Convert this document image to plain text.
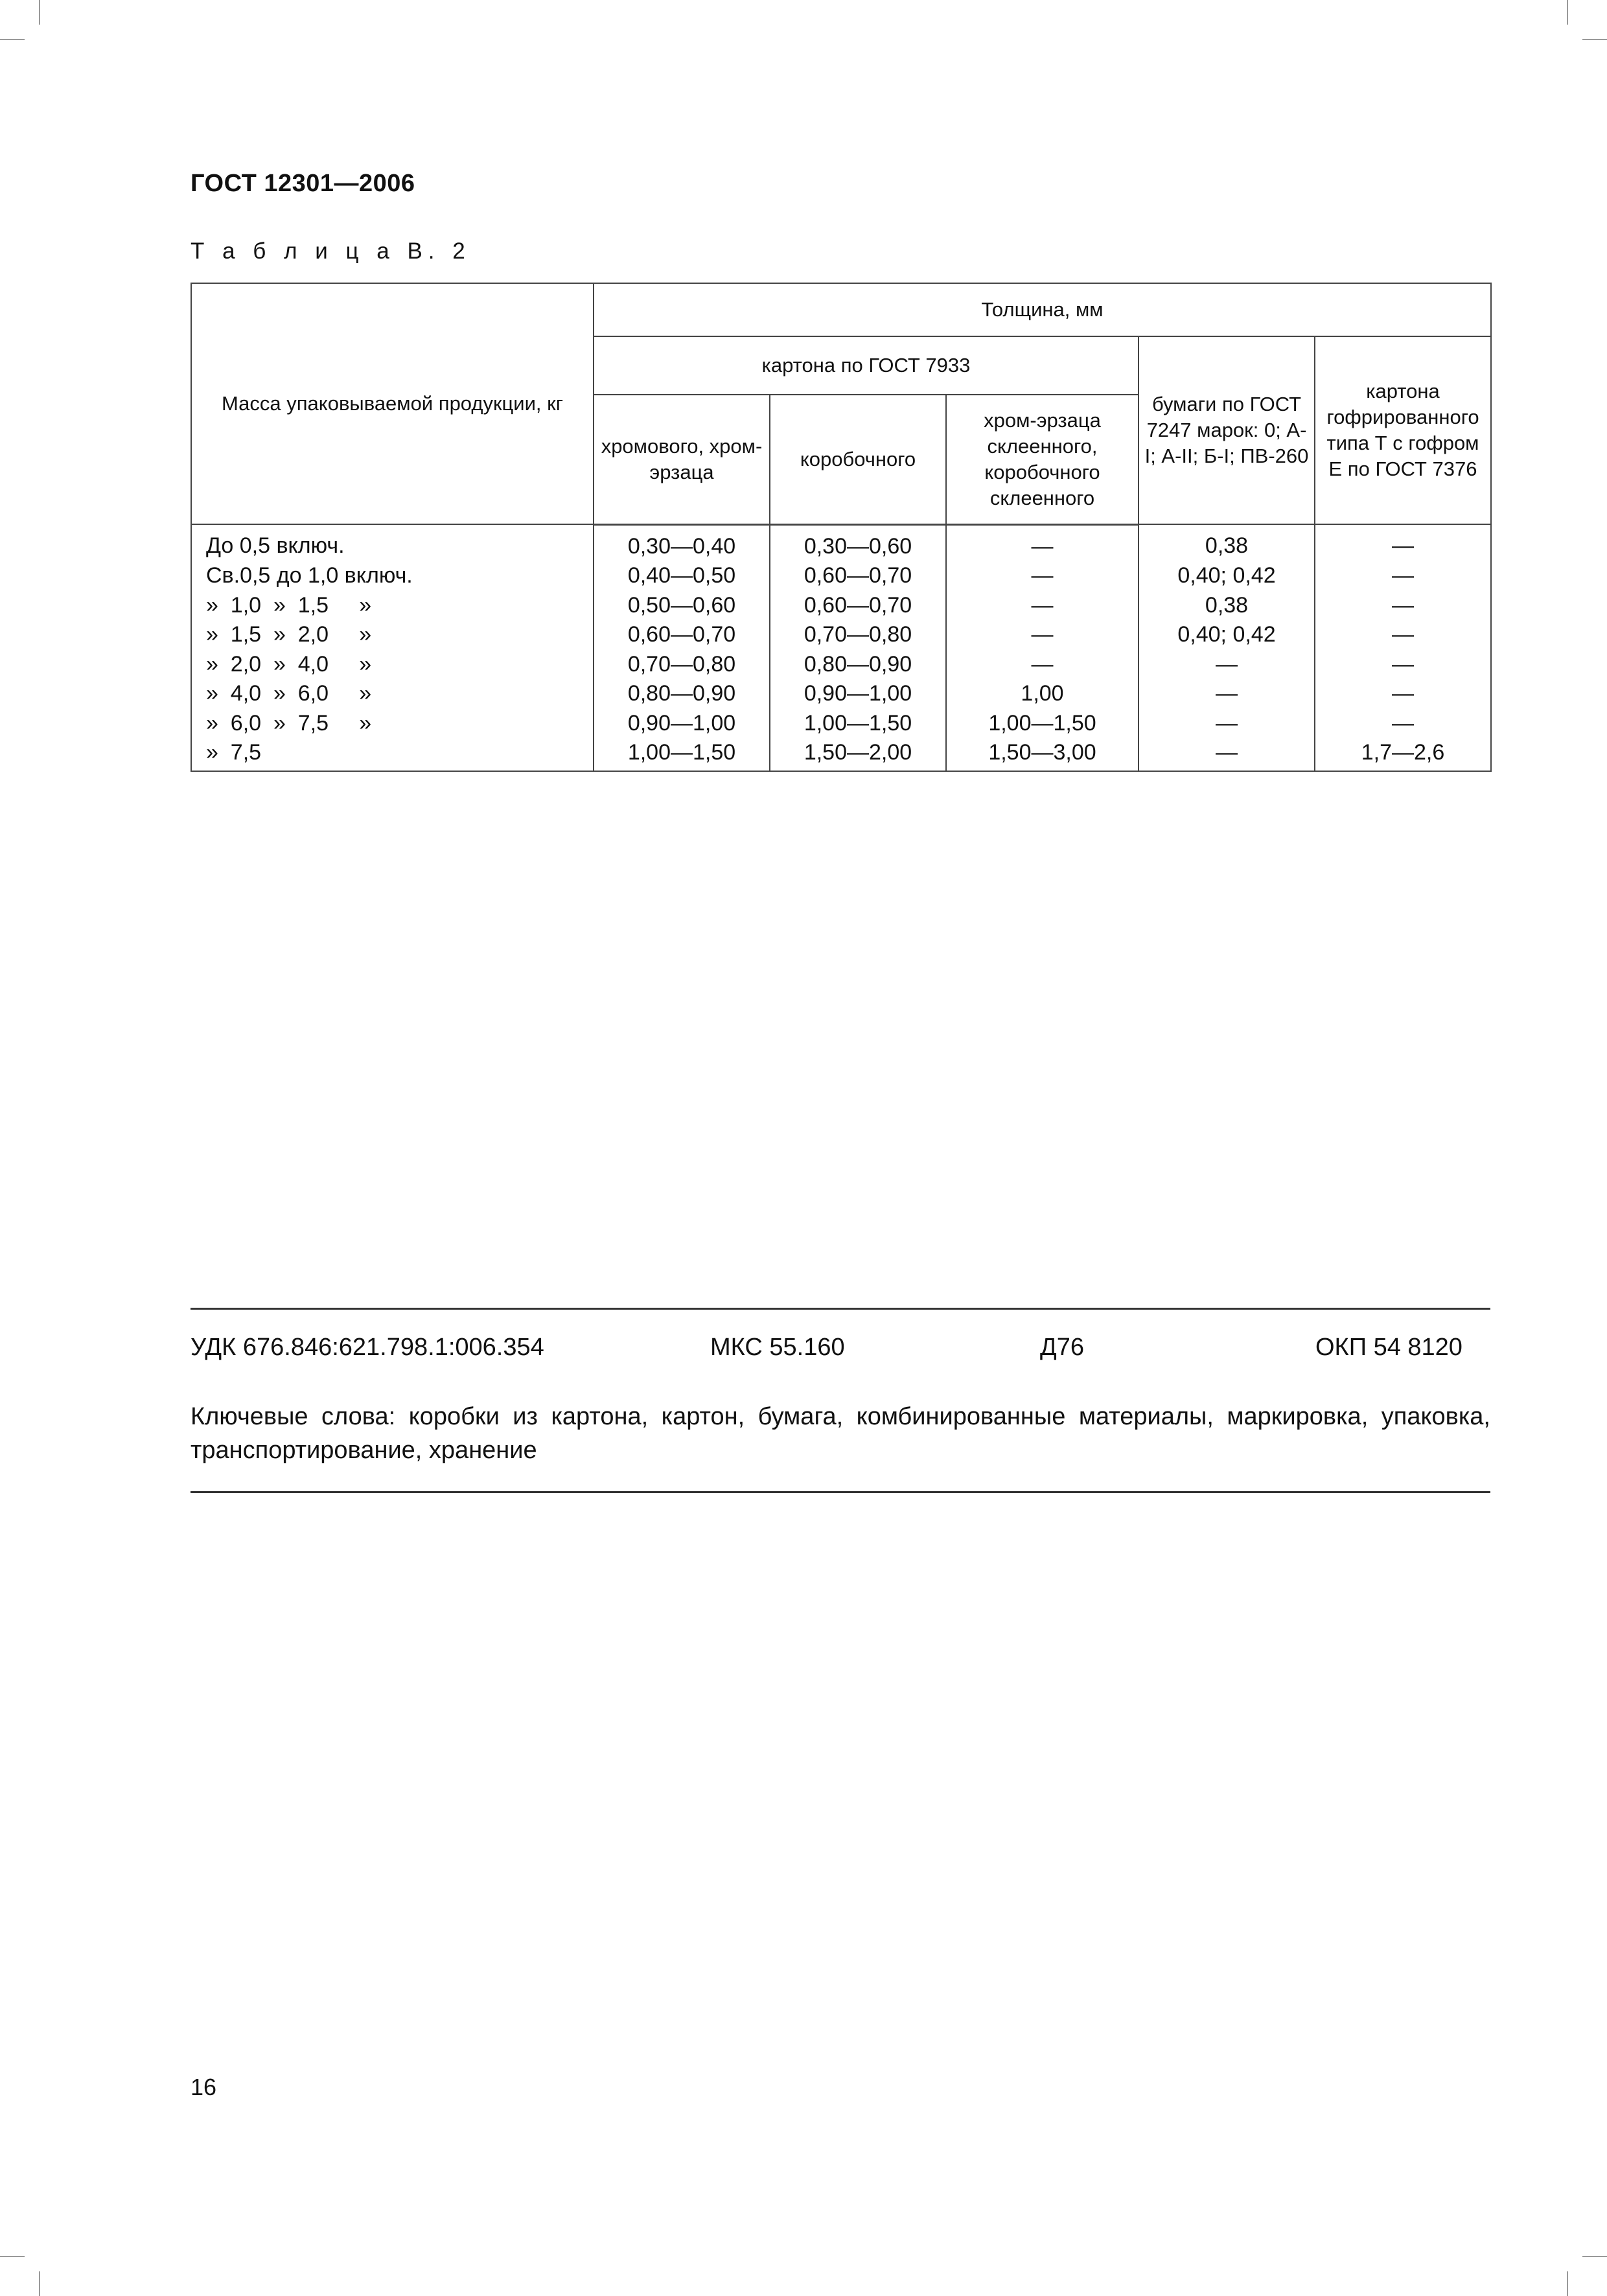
ГОСТ 12301—2006
Т а б л и ц а В. 2
Масса упаковываемой продукции, кг	Толщина, мм				
	картона по ГОСТ 7933			бумаги по ГОСТ 7247 марок: 0; А-I; А-II; Б-I; ПВ-260	картона гофрированного типа Т с гофром Е по ГОСТ 7376
	хромового, хром-эрзаца	коробочного	хром-эрзаца склеенного, коробочного склеенного		
До 0,5 включ.	0,30—0,40	0,30—0,60	—	0,38	—
Св.0,5 до 1,0 включ.	0,40—0,50	0,60—0,70	—	0,40; 0,42	—
»  1,0  »  1,5     »	0,50—0,60	0,60—0,70	—	0,38	—
»  1,5  »  2,0     »	0,60—0,70	0,70—0,80	—	0,40; 0,42	—
»  2,0  »  4,0     »	0,70—0,80	0,80—0,90	—	—	—
»  4,0  »  6,0     »	0,80—0,90	0,90—1,00	1,00	—	—
»  6,0  »  7,5     »	0,90—1,00	1,00—1,50	1,00—1,50	—	—
»  7,5	1,00—1,50	1,50—2,00	1,50—3,00	—	1,7—2,6
УДК 676.846:621.798.1:006.354	МКС 55.160	Д76	ОКП 54 8120
Ключевые слова: коробки из картона, картон, бумага, комбинированные материалы, маркировка, упаковка, транспортирование, хранение
16
